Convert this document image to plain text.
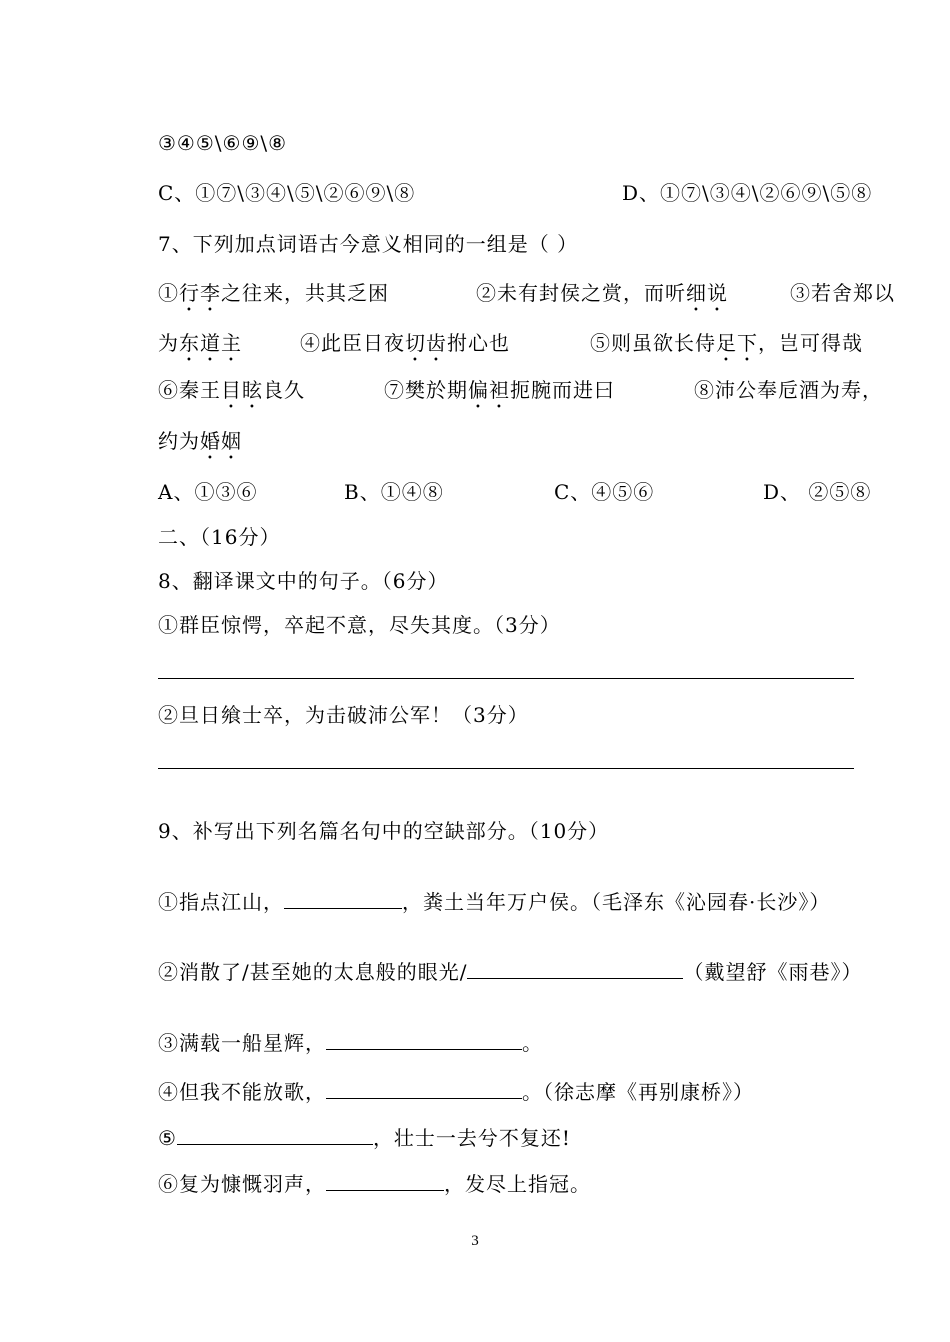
③④⑤\⑥⑨\⑧
C、①⑦\③④\⑤\②⑥⑨\⑧	D、①⑦\③④\②⑥⑨\⑤⑧
7、下列加点词语古今意义相同的一组是（ ）
①行李之往来，共其乏困	②未有封侯之赏，而听细说	③若舍郑以
为东道主	④此臣日夜切齿拊心也	⑤则虽欲长侍足下，岂可得哉
⑥秦王目眩良久	⑦樊於期偏袒扼腕而进曰	⑧沛公奉卮酒为寿，
约为婚姻
A、①③⑥	B、①④⑧	C、④⑤⑥	D、 ②⑤⑧
二、（16分）
8、翻译课文中的句子。（6分）
①群臣惊愕，卒起不意，尽失其度。（3分）
②旦日飨士卒，为击破沛公军！（3分）
9、补写出下列名篇名句中的空缺部分。（10分）
①指点江山，	，粪土当年万户侯。（毛泽东《沁园春·长沙》）
②消散了/甚至她的太息般的眼光/	（戴望舒《雨巷》）
③满载一船星辉，	。
④但我不能放歌，	。（徐志摩《再别康桥》）
⑤	，壮士一去兮不复还!
⑥复为慷慨羽声，	，发尽上指冠。
3
